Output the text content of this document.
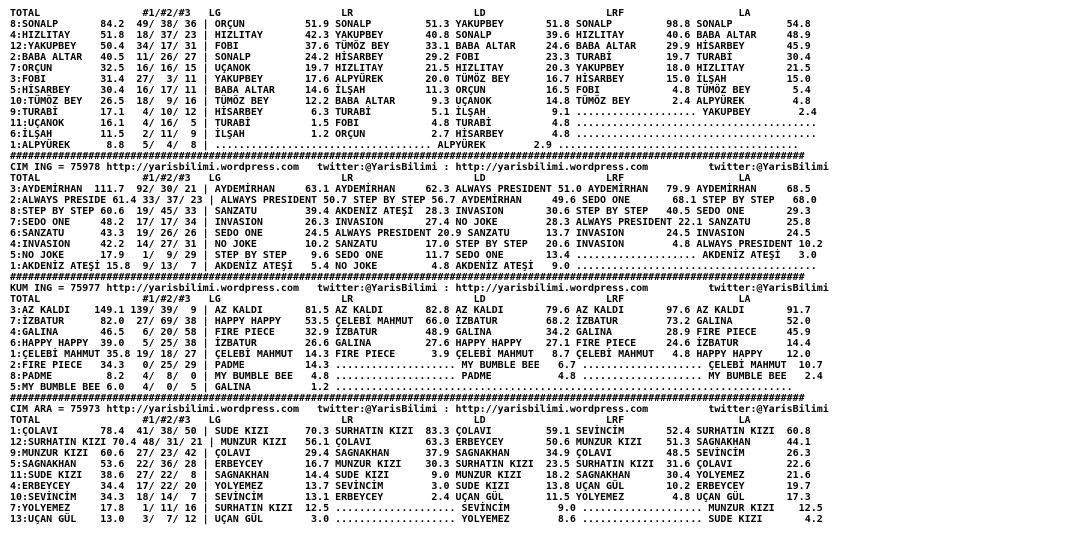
TOTAL                 #1/#2/#3   LG                    LR                    LD                    LRF                   LA
8:SONALP       84.2  49/ 38/ 36 | ORÇUN          51.9 SONALP         51.3 YAKUPBEY       51.8 SONALP         98.8 SONALP         54.8
4:HIZLITAY     51.8  18/ 37/ 23 | HIZLITAY       42.3 YAKUPBEY       40.8 SONALP         39.6 HIZLITAY       40.6 BABA ALTAR     48.9
12:YAKUPBEY    50.4  34/ 17/ 31 | FOBI           37.6 TÜMÖZ BEY      33.1 BABA ALTAR     24.6 BABA ALTAR     29.9 HİSARBEY       45.9
2:BABA ALTAR   40.5  11/ 26/ 27 | SONALP         24.2 HİSARBEY       29.2 FOBI           23.3 TURABİ         19.7 TURABİ         30.4
7:ORÇUN        32.5  16/ 16/ 15 | UÇANOK         19.7 HIZLITAY       21.5 HIZLITAY       20.3 YAKUPBEY       18.0 HIZLITAY       21.5
3:FOBI         31.4  27/  3/ 11 | YAKUPBEY       17.6 ALPYÜREK       20.0 TÜMÖZ BEY      16.7 HİSARBEY       15.0 İLŞAH          15.0
5:HİSARBEY     30.4  16/ 17/ 11 | BABA ALTAR     14.6 İLŞAH          11.3 ORÇUN          16.5 FOBI            4.8 TÜMÖZ BEY       5.4
10:TÜMÖZ BEY   26.5  18/  9/ 16 | TÜMÖZ BEY      12.2 BABA ALTAR      9.3 UÇANOK         14.8 TÜMÖZ BEY       2.4 ALPYÜREK        4.8
9:TURABİ       17.1   4/ 10/ 12 | HİSARBEY        6.3 TURABİ          5.1 İLŞAH           9.1 .................... YAKUPBEY        2.4
11:UÇANOK      16.1   4/ 16/  5 | TURABİ          1.5 FOBI            4.8 TURABİ          4.8 ........................................
6:İLŞAH        11.5   2/ 11/  9 | İLŞAH           1.2 ORÇUN           2.7 HİSARBEY        4.8 ........................................
1:ALPYÜREK      8.8   5/  4/  8 | .................................... ALPYÜREK        2.9 ........................................
####################################################################################################################################
CIM ING = 75978 http://yarisbilimi.wordpress.com   twitter:@YarisBilimi : http://yarisbilimi.wordpress.com          twitter:@YarisBilimi
TOTAL                 #1/#2/#3   LG                    LR                    LD                    LRF                   LA
3:AYDEMİRHAN  111.7  92/ 30/ 21 | AYDEMİRHAN     63.1 AYDEMİRHAN     62.3 ALWAYS PRESIDENT 51.0 AYDEMİRHAN   79.9 AYDEMİRHAN     68.5
2:ALWAYS PRESIDE 61.4 33/ 37/ 23 | ALWAYS PRESIDENT 50.7 STEP BY STEP 56.7 AYDEMİRHAN     49.6 SEDO ONE       68.1 STEP BY STEP   68.0
8:STEP BY STEP 60.6  19/ 45/ 33 | SANZATU        39.4 AKDENİZ ATEŞİ  28.3 INVASION       30.6 STEP BY STEP   40.5 SEDO ONE       29.3
7:SEDO ONE     48.2  17/ 17/ 34 | INVASION       26.3 INVASION       27.4 NO JOKE        28.3 ALWAYS PRESIDENT 22.1 SANZATU      25.8
6:SANZATU      43.3  19/ 26/ 26 | SEDO ONE       24.5 ALWAYS PRESIDENT 20.9 SANZATU      13.7 INVASION       24.5 INVASION       24.5
4:INVASION     42.2  14/ 27/ 31 | NO JOKE        10.2 SANZATU        17.0 STEP BY STEP   20.6 INVASION        4.8 ALWAYS PRESIDENT 10.2
5:NO JOKE      17.9   1/  9/ 29 | STEP BY STEP    9.6 SEDO ONE       11.7 SEDO ONE       13.4 .................... AKDENİZ ATEŞİ   3.0
1:AKDENİZ ATEŞİ 15.8  9/ 13/  7 | AKDENİZ ATEŞİ   5.4 NO JOKE         4.8 AKDENİZ ATEŞİ   9.0 ........................................
####################################################################################################################################
KUM ING = 75977 http://yarisbilimi.wordpress.com   twitter:@YarisBilimi : http://yarisbilimi.wordpress.com          twitter:@YarisBilimi
TOTAL                 #1/#2/#3   LG                    LR                    LD                    LRF                   LA
3:AZ KALDI    149.1 139/ 39/  9 | AZ KALDI       81.5 AZ KALDI       82.8 AZ KALDI       79.6 AZ KALDI       97.6 AZ KALDI       91.7
7:İZBATUR      82.0  27/ 69/ 38 | HAPPY HAPPY    53.5 ÇELEBİ MAHMUT  66.0 İZBATUR        68.2 İZBATUR        73.2 GALINA         52.0
4:GALINA       46.5   6/ 20/ 58 | FIRE PIECE     32.9 İZBATUR        48.9 GALINA         34.2 GALINA         28.9 FIRE PIECE     45.9
6:HAPPY HAPPY  39.0   5/ 25/ 38 | İZBATUR        26.6 GALINA         27.6 HAPPY HAPPY    27.1 FIRE PIECE     24.6 İZBATUR        14.4
1:ÇELEBİ MAHMUT 35.8 19/ 18/ 27 | ÇELEBİ MAHMUT  14.3 FIRE PIECE      3.9 ÇELEBİ MAHMUT   8.7 ÇELEBİ MAHMUT   4.8 HAPPY HAPPY    12.0
2:FIRE PIECE   34.3   0/ 25/ 29 | PADME          14.3 .................... MY BUMBLE BEE   6.7 .................... ÇELEBİ MAHMUT  10.7
8:PADME         8.2   4/  8/  0 | MY BUMBLE BEE   4.8 .................... PADME           4.8 .................... MY BUMBLE BEE   2.4
5:MY BUMBLE BEE 6.0   4/  0/  5 | GALINA          1.2 ............................................................................
####################################################################################################################################
CIM ARA = 75973 http://yarisbilimi.wordpress.com   twitter:@YarisBilimi : http://yarisbilimi.wordpress.com          twitter:@YarisBilimi
TOTAL                 #1/#2/#3   LG                    LR                    LD                    LRF                   LA
1:ÇOLAVI       78.4  41/ 38/ 50 | SUDE KIZI      70.3 SURHATIN KIZI  83.3 ÇOLAVI         59.1 SEVİNCİM       52.4 SURHATIN KIZI  60.8
12:SURHATIN KIZI 70.4 48/ 31/ 21 | MUNZUR KIZI   56.1 ÇOLAVI         63.3 ERBEYCEY       50.6 MUNZUR KIZI    51.3 SAGNAKHAN      44.1
9:MUNZUR KIZI  60.6  27/ 23/ 42 | ÇOLAVI         29.4 SAGNAKHAN      37.9 SAGNAKHAN      34.9 ÇOLAVI         48.5 SEVİNCİM       26.3
5:SAGNAKHAN    53.6  22/ 36/ 28 | ERBEYCEY       16.7 MUNZUR KIZI    30.3 SURHATIN KIZI  23.5 SURHATIN KIZI  31.6 ÇOLAVI         22.6
11:SUDE KIZI   38.6  27/ 22/  8 | SAGNAKHAN      14.4 SUDE KIZI       9.0 MUNZUR KIZI    18.2 SAGNAKHAN      30.4 YOLYEMEZ       21.6
4:ERBEYCEY     34.4  17/ 22/ 20 | YOLYEMEZ       13.7 SEVİNCİM        3.0 SUDE KIZI      13.8 UÇAN GÜL       10.2 ERBEYCEY       19.7
10:SEVİNCİM    34.3  18/ 14/  7 | SEVİNCİM       13.1 ERBEYCEY        2.4 UÇAN GÜL       11.5 YOLYEMEZ        4.8 UÇAN GÜL       17.3
7:YOLYEMEZ     17.8   1/ 11/ 16 | SURHATIN KIZI  12.5 .................... SEVİNCİM        9.0 .................... MUNZUR KIZI    12.5
13:UÇAN GÜL    13.0   3/  7/ 12 | UÇAN GÜL        3.0 .................... YOLYEMEZ        8.6 .................... SUDE KIZI       4.2
